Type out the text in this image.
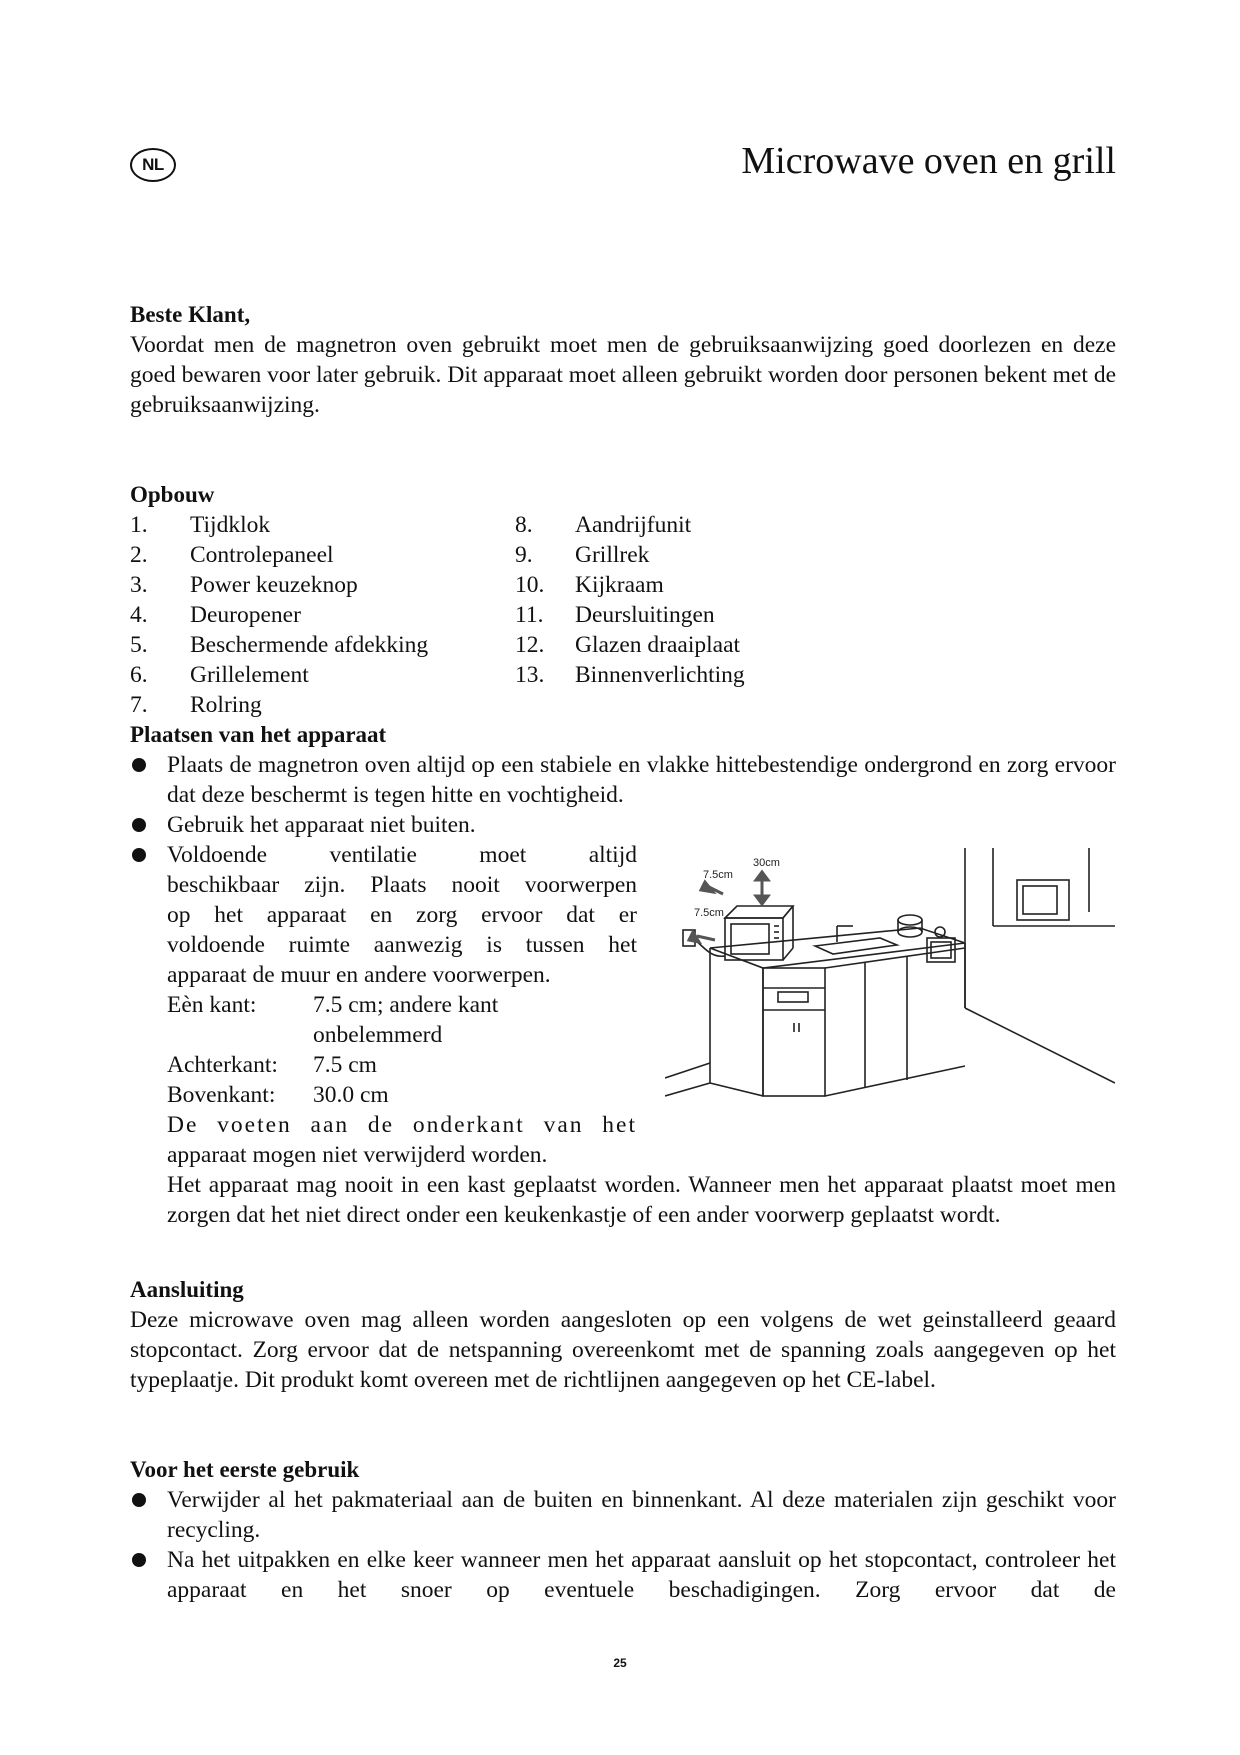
NL	Microwave oven en grill

Beste Klant,

Voordat men de magnetron oven gebruikt moet men de gebruiksaanwijzing goed doorlezen en deze goed bewaren voor later gebruik. Dit apparaat moet alleen gebruikt worden door personen bekent met de gebruiksaanwijzing.

Opbouw

1. Tijdklok
2. Controlepaneel
3. Power keuzeknop
4. Deuropener
5. Beschermende afdekking
6. Grillelement
7. Rolring
8. Aandrijfunit
9. Grillrek
10. Kijkraam
11. Deursluitingen
12. Glazen draaiplaat
13. Binnenverlichting

Plaatsen van het apparaat

Plaats de magnetron oven altijd op een stabiele en vlakke hittebestendige ondergrond en zorg ervoor dat deze beschermt is tegen hitte en vochtigheid.

Gebruik het apparaat niet buiten.

Voldoende ventilatie moet altijd

beschikbaar zijn. Plaats nooit voorwerpen

op het apparaat en zorg ervoor dat er

voldoende ruimte aanwezig is tussen het

apparaat de muur en andere voorwerpen.

Eèn kant: 7.5 cm; andere kant
onbelemmerd
Achterkant: 7.5 cm
Bovenkant: 30.0 cm

De voeten aan de onderkant van het

apparaat mogen niet verwijderd worden.

Het apparaat mag nooit in een kast geplaatst worden. Wanneer men het apparaat plaatst moet men zorgen dat het niet direct onder een keukenkastje of een ander voorwerp geplaatst wordt.

30cm
7.5cm
7.5cm

Aansluiting

Deze microwave oven mag alleen worden aangesloten op een volgens de wet geinstalleerd geaard stopcontact. Zorg ervoor dat de netspanning overeenkomt met de spanning zoals aangegeven op het typeplaatje. Dit produkt komt overeen met de richtlijnen aangegeven op het CE-label.

Voor het eerste gebruik

Verwijder al het pakmateriaal aan de buiten en binnenkant. Al deze materialen zijn geschikt voor recycling.

Na het uitpakken en elke keer wanneer men het apparaat aansluit op het stopcontact, controleer het apparaat en het snoer op eventuele beschadigingen. Zorg ervoor dat de

25
